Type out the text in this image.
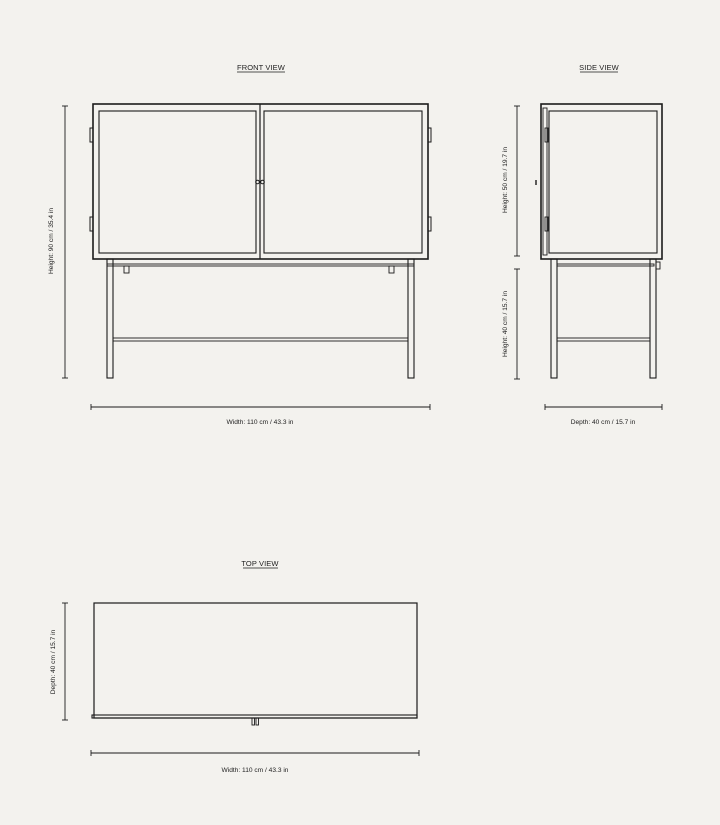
FRONT VIEW
Height: 90 cm / 35.4 in
Width: 110 cm / 43.3 in
SIDE VIEW
Height: 50 cm / 19.7 in
Height: 40 cm / 15.7 in
Depth: 40 cm / 15.7 in
TOP VIEW
Depth: 40 cm / 15.7 in
Width: 110 cm / 43.3 in
